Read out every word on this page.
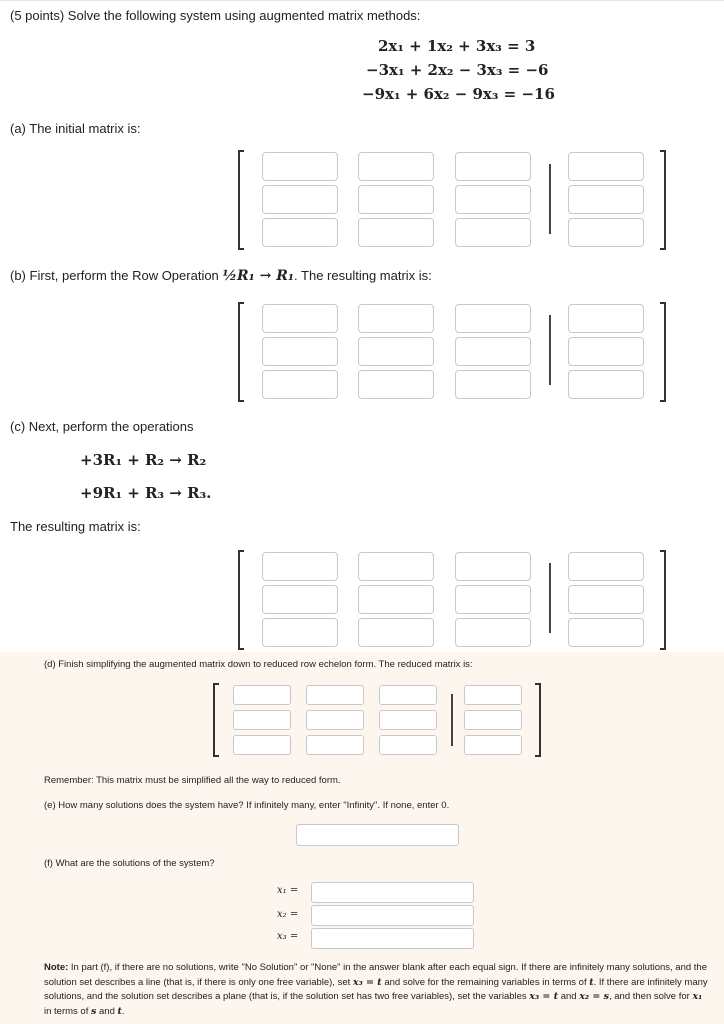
(5 points) Solve the following system using augmented matrix methods:
2x₁ + 1x₂ + 3x₃ = 3
−3x₁ + 2x₂ − 3x₃ = −6
−9x₁ + 6x₂ − 9x₃ = −16
(a) The initial matrix is:
(b) First, perform the Row Operation ½R₁ → R₁. The resulting matrix is:
(c) Next, perform the operations
+3R₁ + R₂ → R₂
+9R₁ + R₃ → R₃.
The resulting matrix is:
(d) Finish simplifying the augmented matrix down to reduced row echelon form. The reduced matrix is:
Remember: This matrix must be simplified all the way to reduced form.
(e) How many solutions does the system have? If infinitely many, enter "Infinity". If none, enter 0.
(f) What are the solutions of the system?
x₁ =
x₂ =
x₃ =
Note: In part (f), if there are no solutions, write "No Solution" or "None" in the answer blank after each equal sign. If there are infinitely many solutions, and the solution set describes a line (that is, if there is only one free variable), set x₃ = t and solve for the remaining variables in terms of t. If there are infinitely many solutions, and the solution set describes a plane (that is, if the solution set has two free variables), set the variables x₃ = t and x₂ = s, and then solve for x₁ in terms of s and t.
